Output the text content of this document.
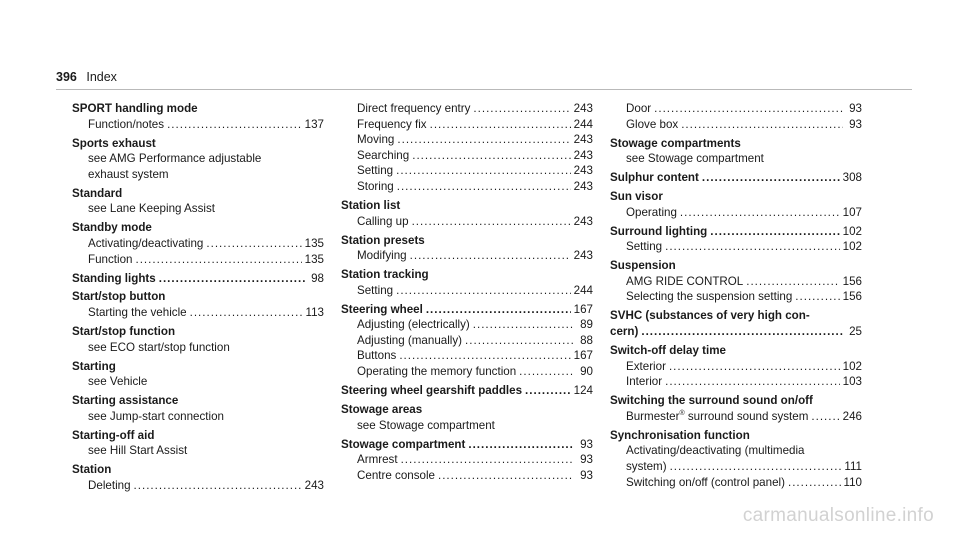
396 Index
SPORT handling mode
Function/notes .....	137
Sports exhaust
see AMG Performance adjustable
exhaust system
Standard
see Lane Keeping Assist
Standby mode
Activating/deactivating .....	135
Function .....	135
Standing lights .....	98
Start/stop button
Starting the vehicle .....	113
Start/stop function
see ECO start/stop function
Starting
see Vehicle
Starting assistance
see Jump-start connection
Starting-off aid
see Hill Start Assist
Station
Deleting .....	243
Direct frequency entry .....	243
Frequency fix .....	244
Moving .....	243
Searching .....	243
Setting .....	243
Storing .....	243
Station list
Calling up .....	243
Station presets
Modifying .....	243
Station tracking
Setting .....	244
Steering wheel .....	167
Adjusting (electrically) .....	89
Adjusting (manually) .....	88
Buttons .....	167
Operating the memory function .....	90
Steering wheel gearshift paddles .....	124
Stowage areas
see Stowage compartment
Stowage compartment .....	93
Armrest .....	93
Centre console .....	93
Door .....	93
Glove box .....	93
Stowage compartments
see Stowage compartment
Sulphur content .....	308
Sun visor
Operating .....	107
Surround lighting .....	102
Setting .....	102
Suspension
AMG RIDE CONTROL .....	156
Selecting the suspension setting .....	156
SVHC (substances of very high con-
cern) .....	25
Switch-off delay time
Exterior .....	102
Interior .....	103
Switching the surround sound on/off
Burmester® surround sound system .....	246
Synchronisation function
Activating/deactivating (multimedia
system) .....	111
Switching on/off (control panel) .....	110
carmanualsonline.info
